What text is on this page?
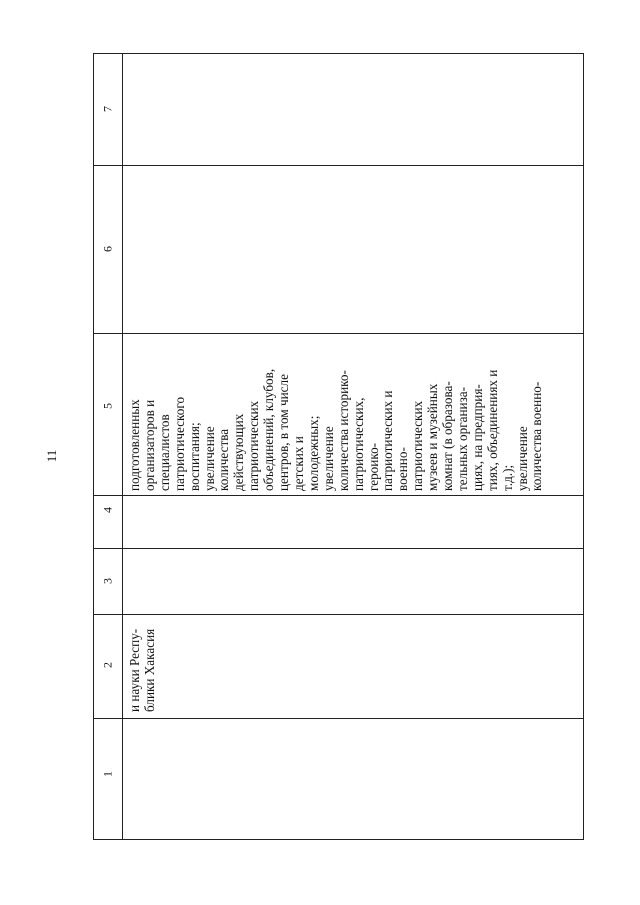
11
7
6
5
4
3
2
1
и науки Респу- блики Хакасия
подготовленных организаторов и специалистов патриотического воспитания; увеличение количества действующих патриотических объединений, клубов, центров, в том числе детских и молодежных; увеличение количества историко- патриотических, героико- патриотических и военно- патриотических музеев и музейных комнат (в образова- тельных организа- циях, на предприя- тиях, объединениях и т.д.); увеличение количества военно-
